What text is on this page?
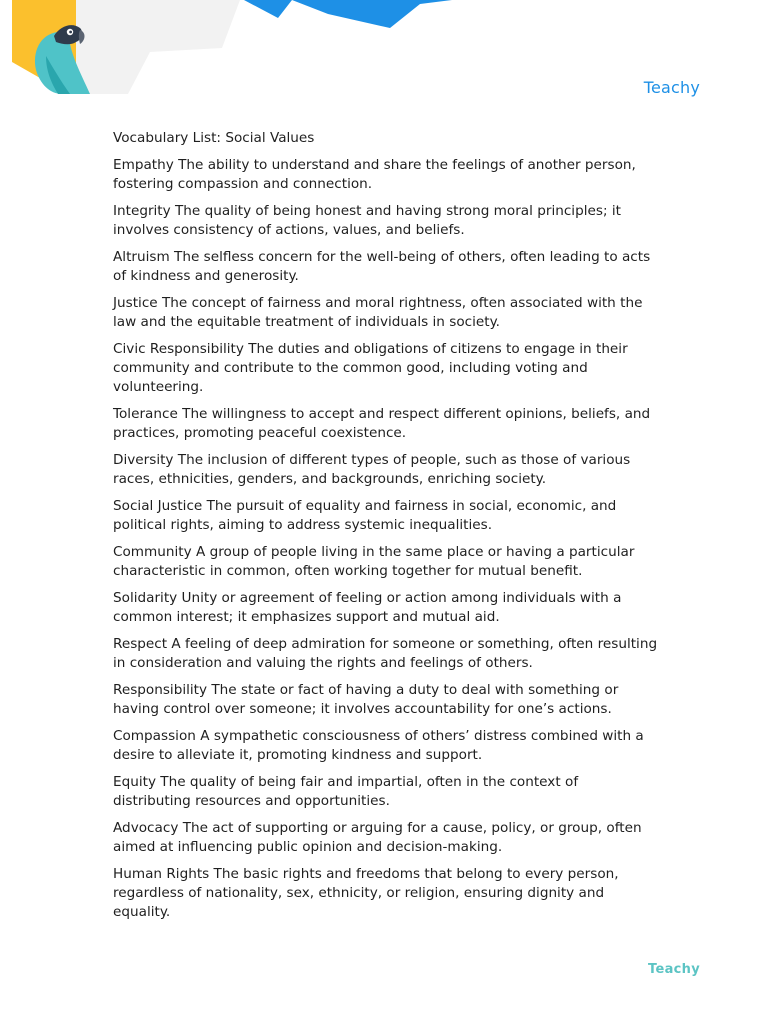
Teachy
Vocabulary List: Social Values
Empathy The ability to understand and share the feelings of another person, fostering compassion and connection.
Integrity The quality of being honest and having strong moral principles; it involves consistency of actions, values, and beliefs.
Altruism The selfless concern for the well-being of others, often leading to acts of kindness and generosity.
Justice The concept of fairness and moral rightness, often associated with the law and the equitable treatment of individuals in society.
Civic Responsibility The duties and obligations of citizens to engage in their community and contribute to the common good, including voting and volunteering.
Tolerance The willingness to accept and respect different opinions, beliefs, and practices, promoting peaceful coexistence.
Diversity The inclusion of different types of people, such as those of various races, ethnicities, genders, and backgrounds, enriching society.
Social Justice The pursuit of equality and fairness in social, economic, and political rights, aiming to address systemic inequalities.
Community A group of people living in the same place or having a particular characteristic in common, often working together for mutual benefit.
Solidarity Unity or agreement of feeling or action among individuals with a common interest; it emphasizes support and mutual aid.
Respect A feeling of deep admiration for someone or something, often resulting in consideration and valuing the rights and feelings of others.
Responsibility The state or fact of having a duty to deal with something or having control over someone; it involves accountability for one’s actions.
Compassion A sympathetic consciousness of others’ distress combined with a desire to alleviate it, promoting kindness and support.
Equity The quality of being fair and impartial, often in the context of distributing resources and opportunities.
Advocacy The act of supporting or arguing for a cause, policy, or group, often aimed at influencing public opinion and decision-making.
Human Rights The basic rights and freedoms that belong to every person, regardless of nationality, sex, ethnicity, or religion, ensuring dignity and equality.
Teachy
